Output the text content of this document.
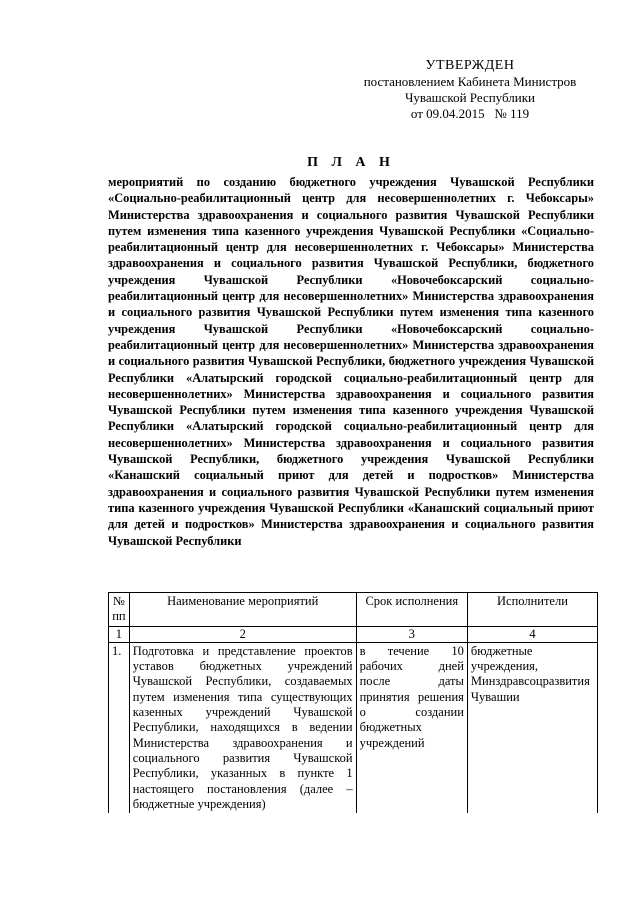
УТВЕРЖДЕН
постановлением Кабинета Министров
Чувашской Республики
от 09.04.2015   № 119
П Л А Н

мероприятий по созданию бюджетного учреждения Чувашской Республики «Социально-реабилитационный центр для несовершеннолетних г. Чебоксары» Министерства здравоохранения и социального развития Чувашской Республики путем изменения типа казенного учреждения Чувашской Республики «Социально-реабилитационный центр для несовершеннолетних г. Чебоксары» Министерства здравоохранения и социального развития Чувашской Республики, бюджетного учреждения Чувашской Республики «Новочебоксарский социально-реабилитационный центр для несовершеннолетних» Министерства здравоохранения и социального развития Чувашской Республики путем изменения типа казенного учреждения Чувашской Республики «Новочебоксарский социально-реабилитационный центр для несовершеннолетних» Министерства здравоохранения и социального развития Чувашской Республики, бюджетного учреждения Чувашской Республики «Алатырский городской социально-реабилитационный центр для несовершеннолетних» Министерства здравоохранения и социального развития Чувашской Республики путем изменения типа казенного учреждения Чувашской Республики «Алатырский городской социально-реабилитационный центр для несовершеннолетних» Министерства здравоохранения и социального развития Чувашской Республики, бюджетного учреждения Чувашской Республики «Канашский социальный приют для детей и подростков» Министерства здравоохранения и социального развития Чувашской Республики путем изменения типа казенного учреждения Чувашской Республики «Канашский социальный приют для детей и подростков» Министерства здравоохранения и социального развития Чувашской Республики

№ пп	Наименование мероприятий	Срок исполнения	Исполнители
1	2	3	4
1.	Подготовка и представление проектов уставов бюджетных учреждений Чувашской Республики, создаваемых путем изменения типа существующих казенных учреждений Чувашской Республики, находящихся в ведении Министерства здравоохранения и социального развития Чувашской Республики, указанных в пункте 1 настоящего постановления (далее – бюджетные учреждения)	в течение 10 рабочих дней после даты принятия решения о создании бюджетных учреждений	бюджетные учреждения, Минздравсоцразвития Чувашии
